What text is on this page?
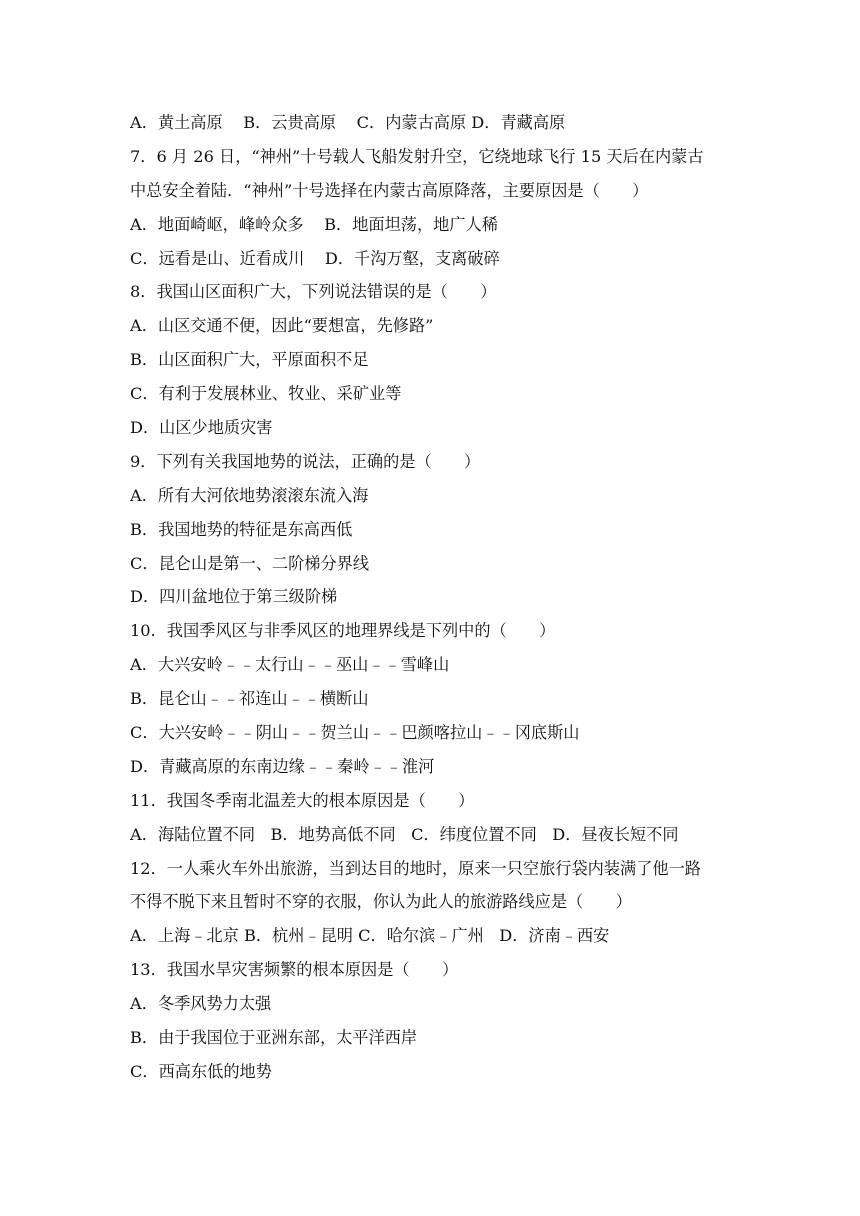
A．黄土高原    B．云贵高原    C．内蒙古高原 D．青藏高原
7．6 月 26 日，“神州”十号载人飞船发射升空，它绕地球飞行 15 天后在内蒙古
中总安全着陆．“神州”十号选择在内蒙古高原降落，主要原因是（　　）
A．地面崎岖，峰岭众多    B．地面坦荡，地广人稀
C．远看是山、近看成川    D．千沟万壑，支离破碎
8．我国山区面积广大，下列说法错误的是（　　）
A．山区交通不便，因此“要想富，先修路”
B．山区面积广大，平原面积不足
C．有利于发展林业、牧业、采矿业等
D．山区少地质灾害
9．下列有关我国地势的说法，正确的是（　　）
A．所有大河依地势滚滚东流入海
B．我国地势的特征是东高西低
C．昆仑山是第一、二阶梯分界线
D．四川盆地位于第三级阶梯
10．我国季风区与非季风区的地理界线是下列中的（　　）
A．大兴安岭﹣﹣太行山﹣﹣巫山﹣﹣雪峰山
B．昆仑山﹣﹣祁连山﹣﹣横断山
C．大兴安岭﹣﹣阴山﹣﹣贺兰山﹣﹣巴颜喀拉山﹣﹣冈底斯山
D．青藏高原的东南边缘﹣﹣秦岭﹣﹣淮河
11．我国冬季南北温差大的根本原因是（　　）
A．海陆位置不同   B．地势高低不同   C．纬度位置不同   D．昼夜长短不同
12．一人乘火车外出旅游，当到达目的地时，原来一只空旅行袋内装满了他一路
不得不脱下来且暂时不穿的衣服，你认为此人的旅游路线应是（　　）
A．上海﹣北京 B．杭州﹣昆明 C．哈尔滨﹣广州   D．济南﹣西安
13．我国水旱灾害频繁的根本原因是（　　）
A．冬季风势力太强
B．由于我国位于亚洲东部，太平洋西岸
C．西高东低的地势
